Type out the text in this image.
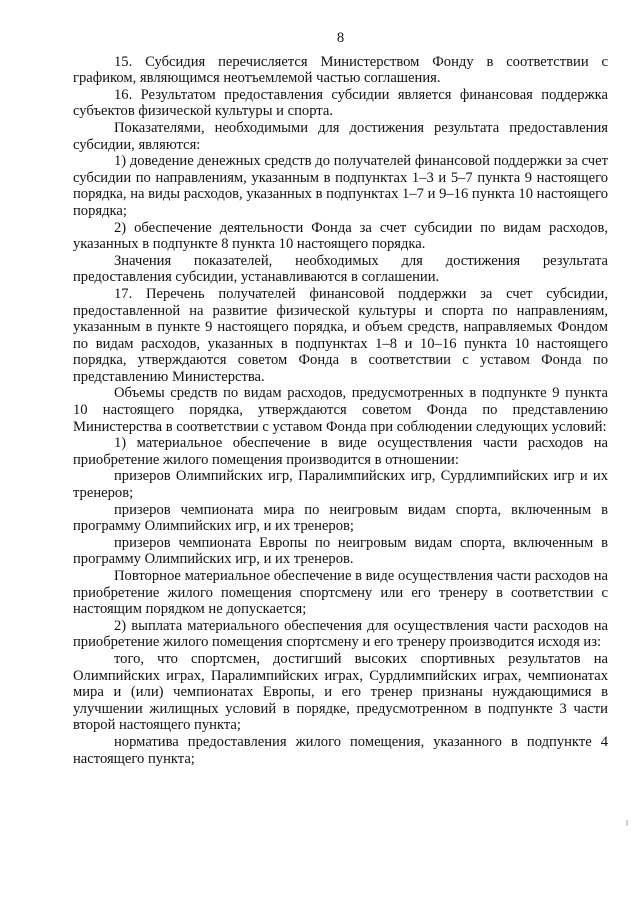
8

15. Субсидия перечисляется Министерством Фонду в соответствии с графиком, являющимся неотъемлемой частью соглашения.

16. Результатом предоставления субсидии является финансовая поддержка субъектов физической культуры и спорта.

Показателями, необходимыми для достижения результата предоставления субсидии, являются:

1) доведение денежных средств до получателей финансовой поддержки за счет субсидии по направлениям, указанным в подпунктах 1–3 и 5–7 пункта 9 настоящего порядка, на виды расходов, указанных в подпунктах 1–7 и 9–16 пункта 10 настоящего порядка;

2) обеспечение деятельности Фонда за счет субсидии по видам расходов, указанных в подпункте 8 пункта 10 настоящего порядка.

Значения показателей, необходимых для достижения результата предоставления субсидии, устанавливаются в соглашении.

17. Перечень получателей финансовой поддержки за счет субсидии, предоставленной на развитие физической культуры и спорта по направлениям, указанным в пункте 9 настоящего порядка, и объем средств, направляемых Фондом по видам расходов, указанных в подпунктах 1–8 и 10–16 пункта 10 настоящего порядка, утверждаются советом Фонда в соответствии с уставом Фонда по представлению Министерства.

Объемы средств по видам расходов, предусмотренных в подпункте 9 пункта 10 настоящего порядка, утверждаются советом Фонда по представлению Министерства в соответствии с уставом Фонда при соблюдении следующих условий:

1) материальное обеспечение в виде осуществления части расходов на приобретение жилого помещения производится в отношении:

призеров Олимпийских игр, Паралимпийских игр, Сурдлимпийских игр и их тренеров;

призеров чемпионата мира по неигровым видам спорта, включенным в программу Олимпийских игр, и их тренеров;

призеров чемпионата Европы по неигровым видам спорта, включенным в программу Олимпийских игр, и их тренеров.

Повторное материальное обеспечение в виде осуществления части расходов на приобретение жилого помещения спортсмену или его тренеру в соответствии с настоящим порядком не допускается;

2) выплата материального обеспечения для осуществления части расходов на приобретение жилого помещения спортсмену и его тренеру производится исходя из:

того, что спортсмен, достигший высоких спортивных результатов на Олимпийских играх, Паралимпийских играх, Сурдлимпийских играх, чемпионатах мира и (или) чемпионатах Европы, и его тренер признаны нуждающимися в улучшении жилищных условий в порядке, предусмотренном в подпункте 3 части второй настоящего пункта;

норматива предоставления жилого помещения, указанного в подпункте 4 настоящего пункта;
